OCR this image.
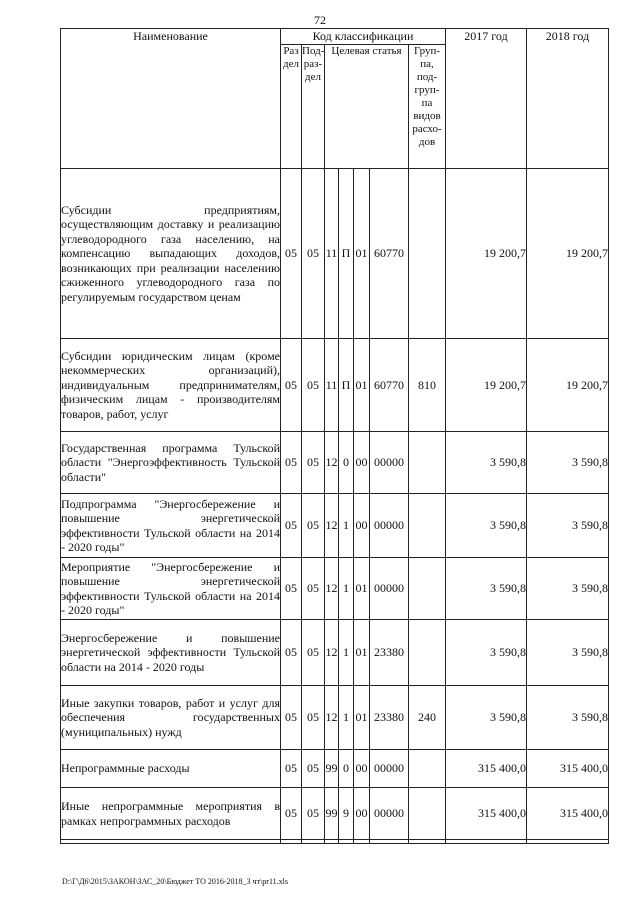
72
Наименование	Код классификации							2017 год	2018 год
	Раз дел	Под- раз- дел	Целевая статья				Груп- па, под- груп- па видов расхо- дов		
Субсидии предприятиям, осуществляющим доставку и реализацию углеводородного газа населению, на компенсацию выпадающих доходов, возникающих при реализации населению сжиженного углеводородного газа по регулируемым государством ценам	05	05	11	П	01	60770		19 200,7	19 200,7
Субсидии юридическим лицам (кроме некоммерческих организаций), индивидуальным предпринимателям, физическим лицам - производителям товаров, работ, услуг	05	05	11	П	01	60770	810	19 200,7	19 200,7
Государственная программа Тульской области "Энергоэффективность Тульской области"	05	05	12	0	00	00000		3 590,8	3 590,8
Подпрограмма "Энергосбережение и повышение энергетической эффективности Тульской области на 2014 - 2020 годы"	05	05	12	1	00	00000		3 590,8	3 590,8
Мероприятие "Энергосбережение и повышение энергетической эффективности Тульской области на 2014 - 2020 годы"	05	05	12	1	01	00000		3 590,8	3 590,8
Энергосбережение и повышение энергетической эффективности Тульской области на 2014 - 2020 годы	05	05	12	1	01	23380		3 590,8	3 590,8
Иные закупки товаров, работ и услуг для обеспечения государственных (муниципальных) нужд	05	05	12	1	01	23380	240	3 590,8	3 590,8
Непрограммные расходы	05	05	99	0	00	00000		315 400,0	315 400,0
Иные непрограммные мероприятия в рамках непрограммных расходов	05	05	99	9	00	00000		315 400,0	315 400,0

D:\Г\Д6\2015\ЗАКОН\ЗАС_20\Бюджет ТО 2016-2018_3 чт\pr11.xls
